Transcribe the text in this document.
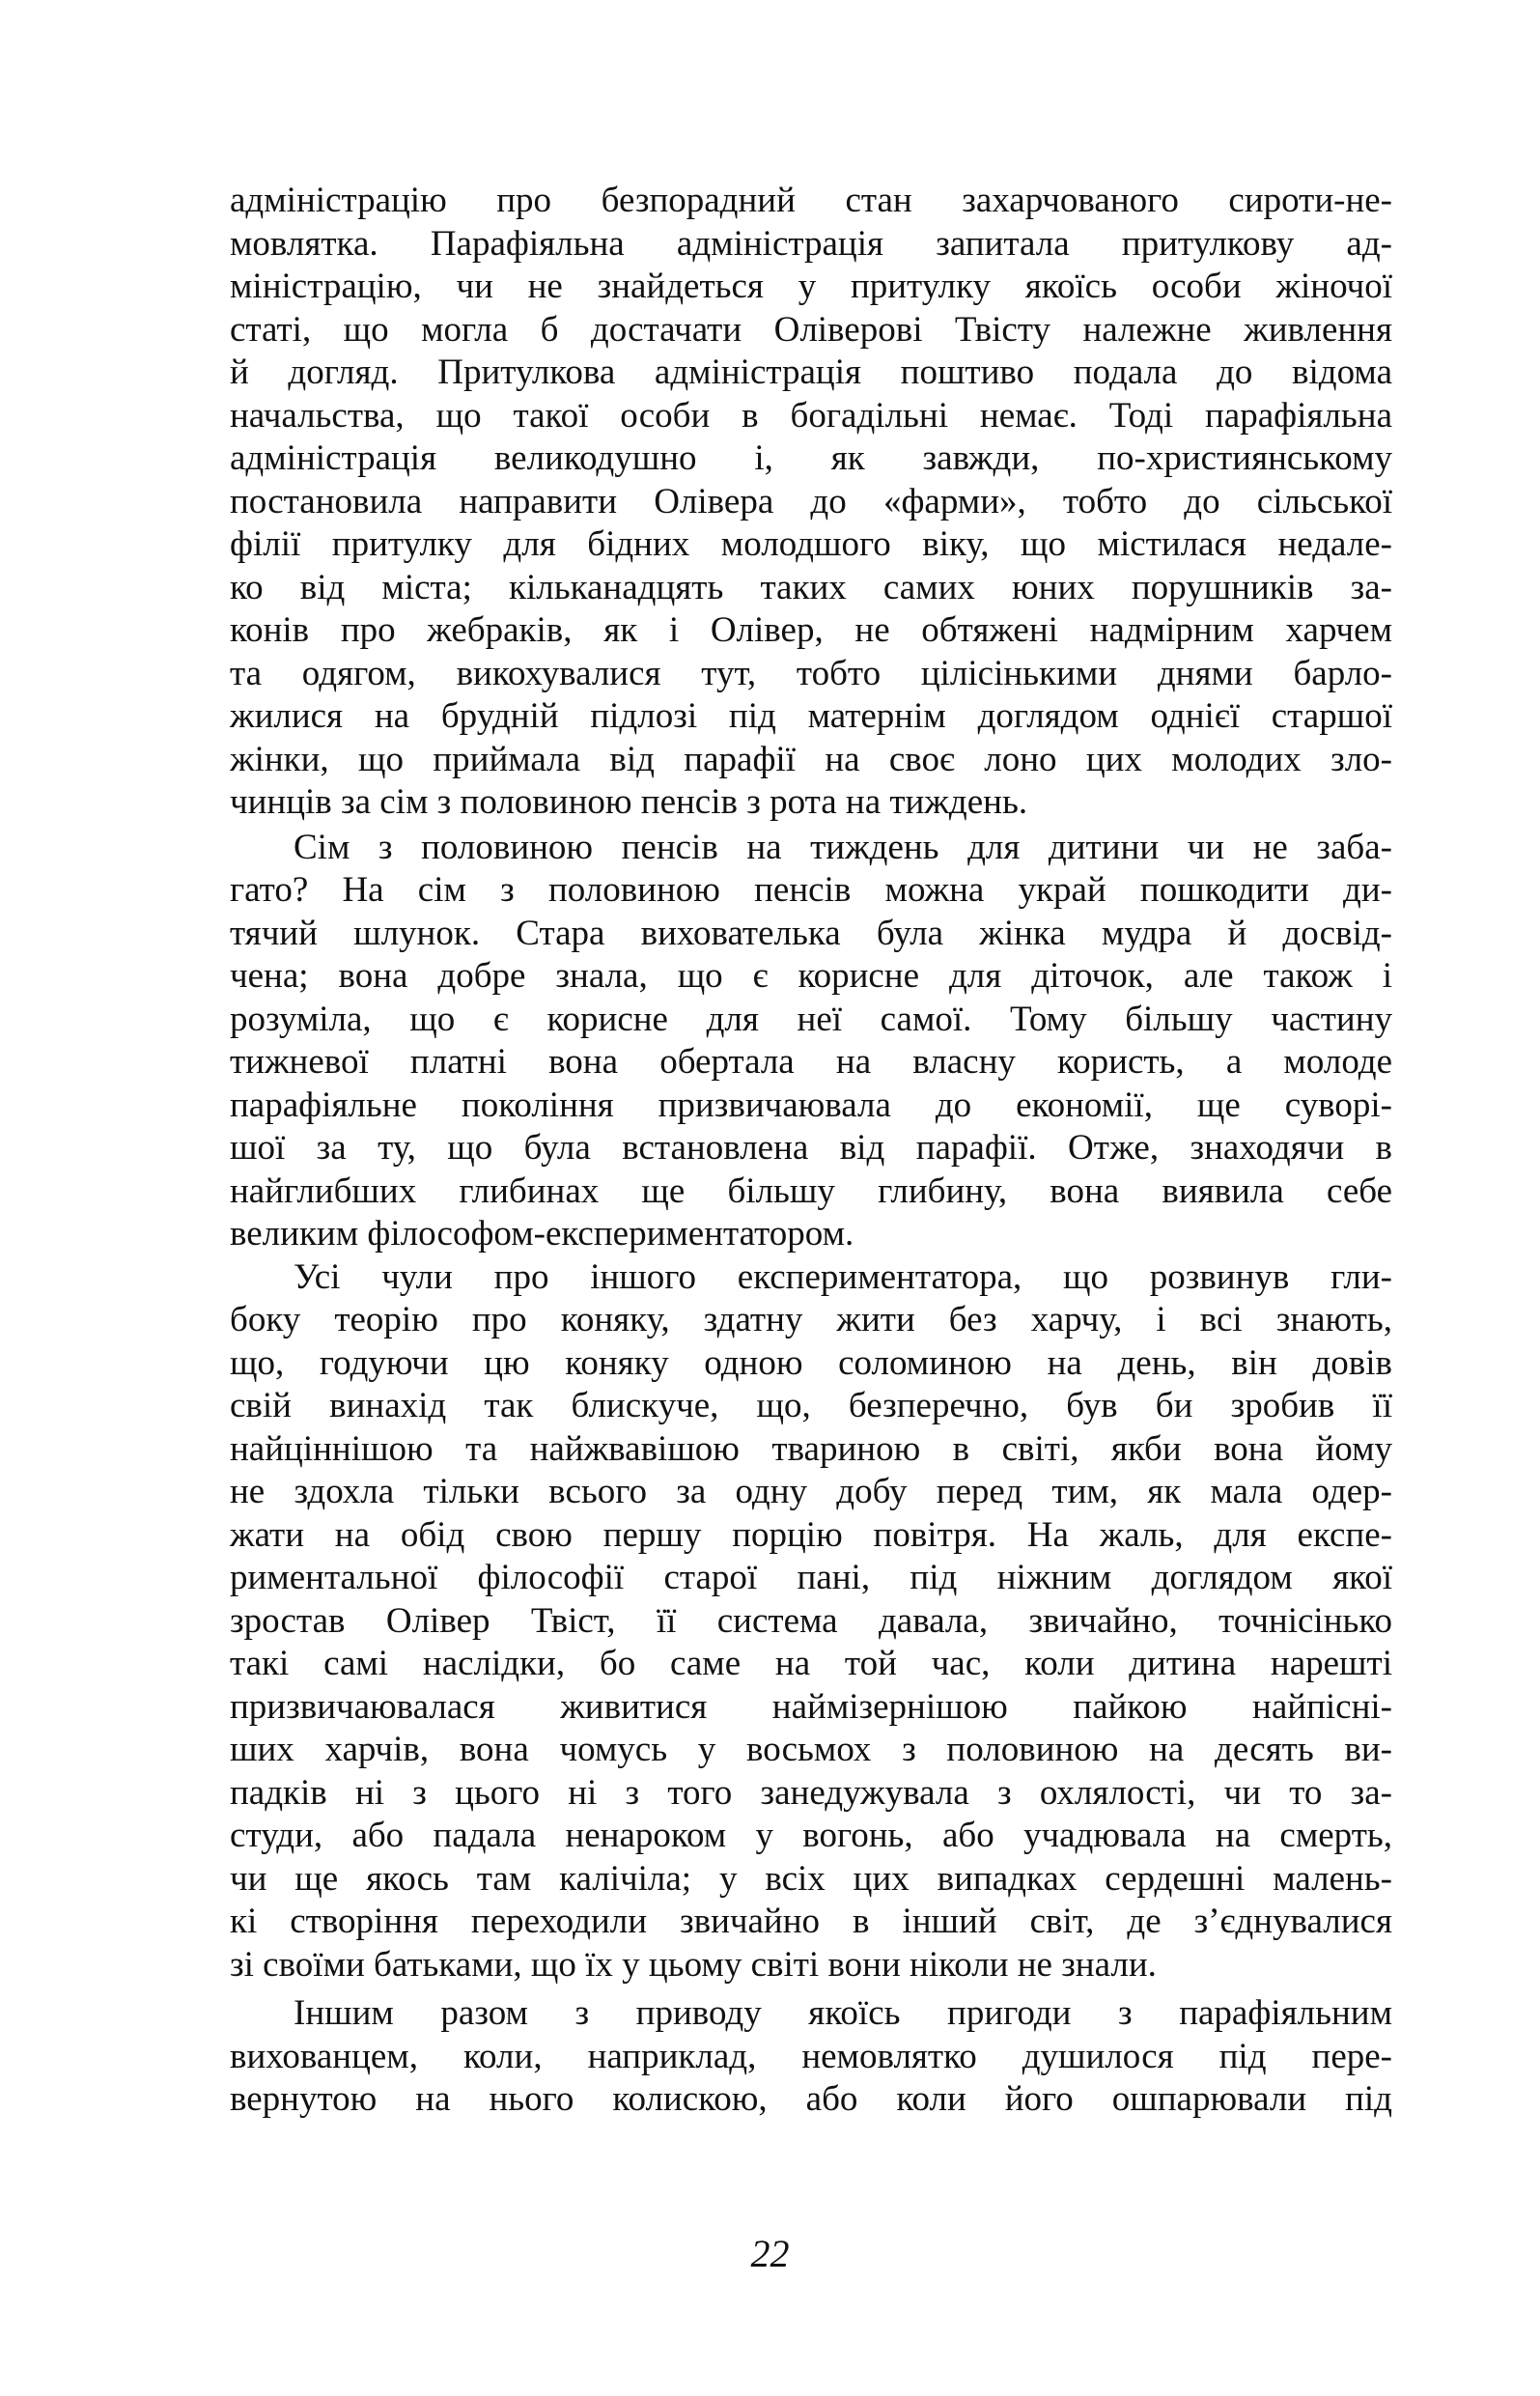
адміністрацію про безпорадний стан захарчованого сироти-не-
мовлятка. Парафіяльна адміністрація запитала притулкову ад-
міністрацію, чи не знайдеться у притулку якоїсь особи жіночої
статі, що могла б достачати Оліверові Твісту належне живлення
й догляд. Притулкова адміністрація поштиво подала до відома
начальства, що такої особи в богадільні немає. Тоді парафіяльна
адміністрація великодушно і, як завжди, по-християнському
постановила направити Олівера до «фарми», тобто до сільської
філії притулку для бідних молодшого віку, що містилася недале-
ко від міста; кільканадцять таких самих юних порушників за-
конів про жебраків, як і Олівер, не обтяжені надмірним харчем
та одягом, викохувалися тут, тобто цілісінькими днями барло-
жилися на брудній підлозі під матернім доглядом однієї старшої
жінки, що приймала від парафії на своє лоно цих молодих зло-
чинців за сім з половиною пенсів з рота на тиждень.
Сім з половиною пенсів на тиждень для дитини чи не заба-
гато? На сім з половиною пенсів можна украй пошкодити ди-
тячий шлунок. Стара вихователька була жінка мудра й досвід-
чена; вона добре знала, що є корисне для діточок, але також і
розуміла, що є корисне для неї самої. Тому більшу частину
тижневої платні вона обертала на власну користь, а молоде
парафіяльне покоління призвичаювала до економії, ще суворі-
шої за ту, що була встановлена від парафії. Отже, знаходячи в
найглибших глибинах ще більшу глибину, вона виявила себе
великим філософом-експериментатором.
Усі чули про іншого експериментатора, що розвинув гли-
боку теорію про коняку, здатну жити без харчу, і всі знають,
що, годуючи цю коняку одною соломиною на день, він довів
свій винахід так блискуче, що, безперечно, був би зробив її
найціннішою та найжвавішою твариною в світі, якби вона йому
не здохла тільки всього за одну добу перед тим, як мала одер-
жати на обід свою першу порцію повітря. На жаль, для експе-
риментальної філософії старої пані, під ніжним доглядом якої
зростав Олівер Твіст, її система давала, звичайно, точнісінько
такі самі наслідки, бо саме на той час, коли дитина нарешті
призвичаювалася живитися наймізернішою пайкою найпісні-
ших харчів, вона чомусь у восьмох з половиною на десять ви-
падків ні з цього ні з того занедужувала з охлялості, чи то за-
студи, або падала ненароком у вогонь, або учадювала на смерть,
чи ще якось там калічіла; у всіх цих випадках сердешні малень-
кі створіння переходили звичайно в інший світ, де з’єднувалися
зі своїми батьками, що їх у цьому світі вони ніколи не знали.
Іншим разом з приводу якоїсь пригоди з парафіяльним
вихованцем, коли, наприклад, немовлятко душилося під пере-
вернутою на нього колискою, або коли його ошпарювали під
22
